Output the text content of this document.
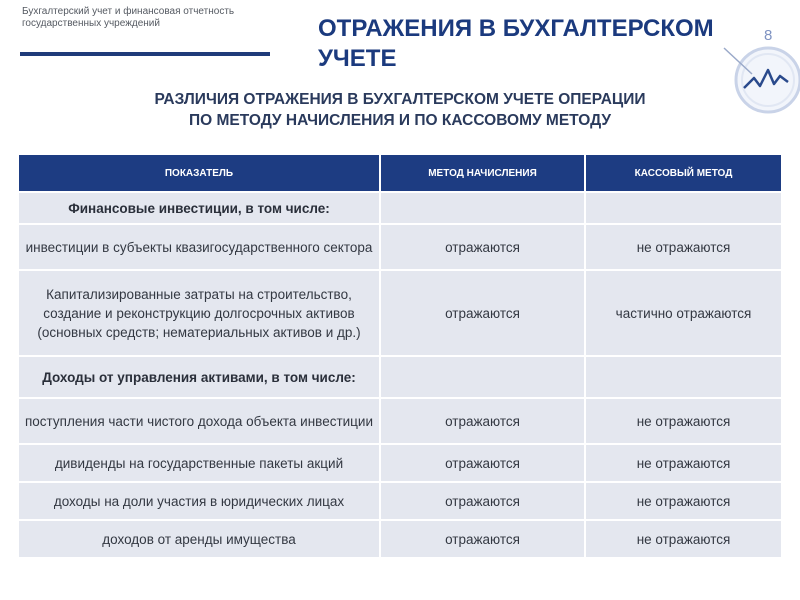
Бухгалтерский учет и финансовая отчетность государственных учреждений	ОТРАЖЕНИЯ В БУХГАЛТЕРСКОМ УЧЕТЕ
8
РАЗЛИЧИЯ ОТРАЖЕНИЯ В БУХГАЛТЕРСКОМ УЧЕТЕ ОПЕРАЦИИ
ПО МЕТОДУ НАЧИСЛЕНИЯ И ПО КАССОВОМУ МЕТОДУ
ПОКАЗАТЕЛЬ	МЕТОД НАЧИСЛЕНИЯ	КАССОВЫЙ МЕТОД
Финансовые инвестиции, в том числе:		
инвестиции в субъекты квазигосударственного сектора	отражаются	не отражаются
Капитализированные затраты на строительство, создание и реконструкцию долгосрочных активов (основных средств; нематериальных активов и др.)	отражаются	частично отражаются
Доходы от управления активами, в том числе:		
поступления части чистого дохода объекта инвестиции	отражаются	не отражаются
дивиденды на государственные пакеты акций	отражаются	не отражаются
доходы на доли участия в юридических лицах	отражаются	не отражаются
доходов от аренды имущества	отражаются	не отражаются
